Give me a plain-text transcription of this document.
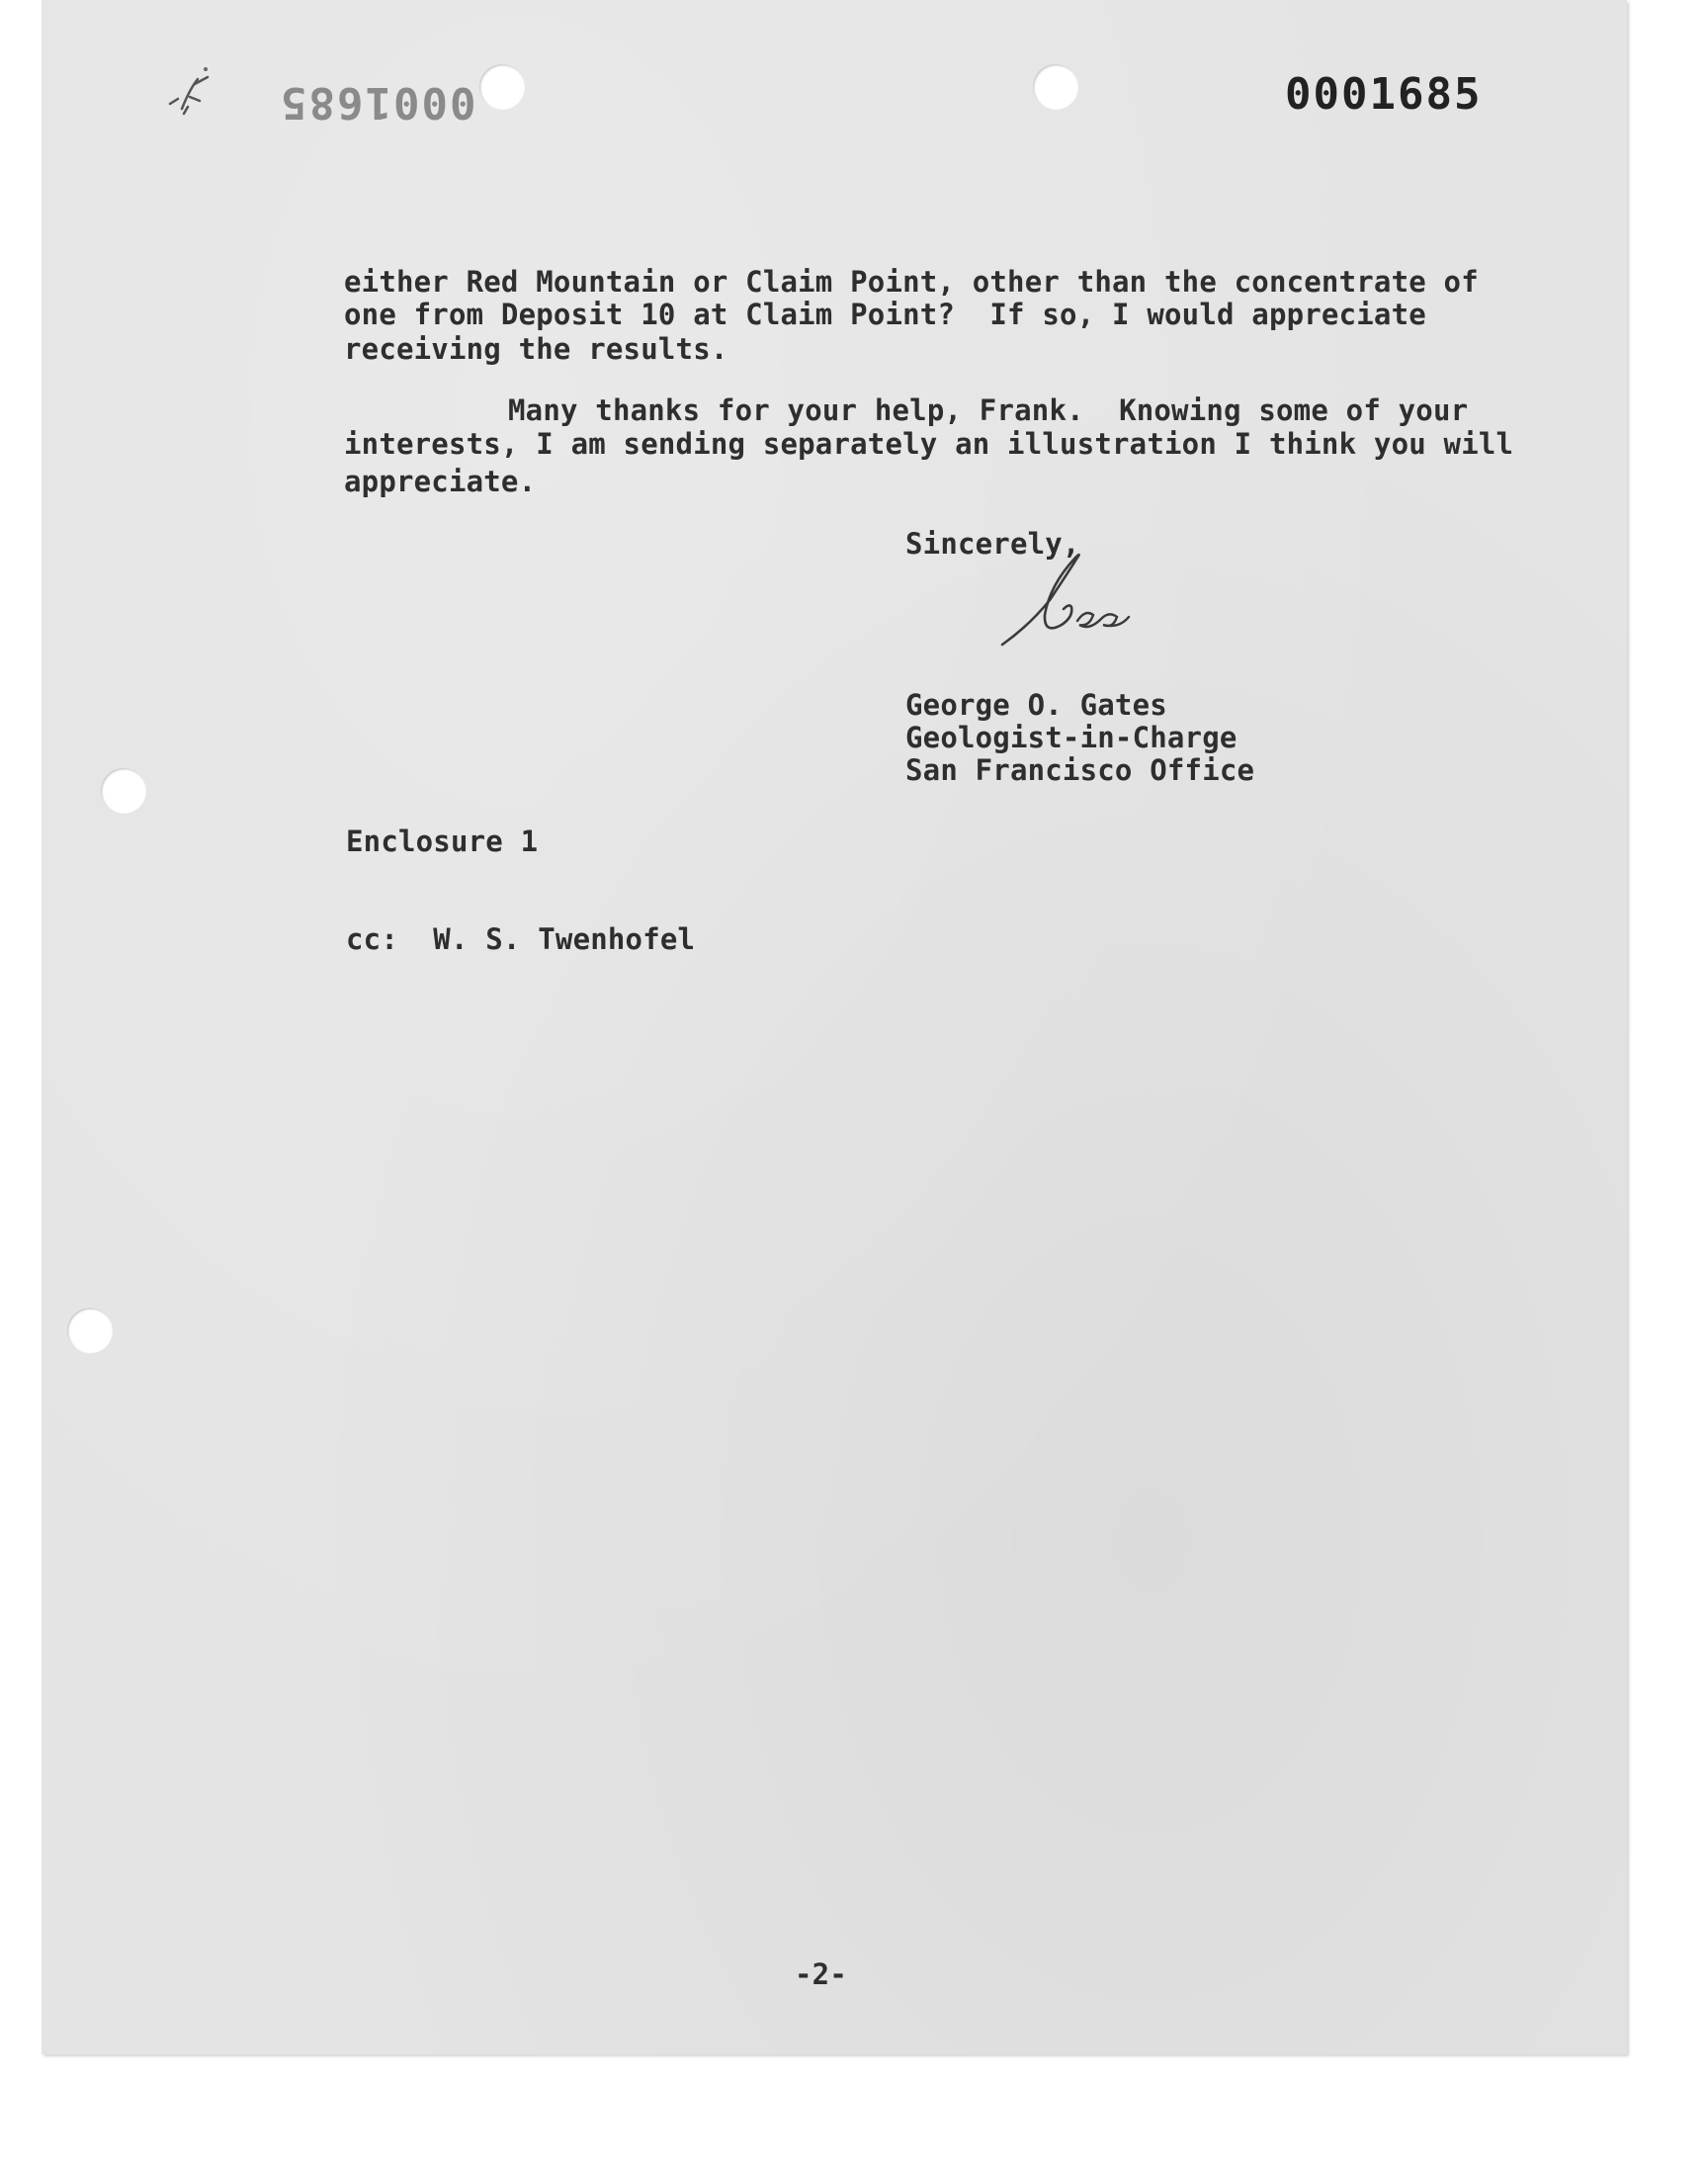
0001685	0001685
either Red Mountain or Claim Point, other than the concentrate of
one from Deposit 10 at Claim Point?  If so, I would appreciate
receiving the results.
Many thanks for your help, Frank.  Knowing some of your
interests, I am sending separately an illustration I think you will
appreciate.
Sincerely,
George O. Gates
Geologist-in-Charge
San Francisco Office
Enclosure 1
cc:  W. S. Twenhofel
-2-
